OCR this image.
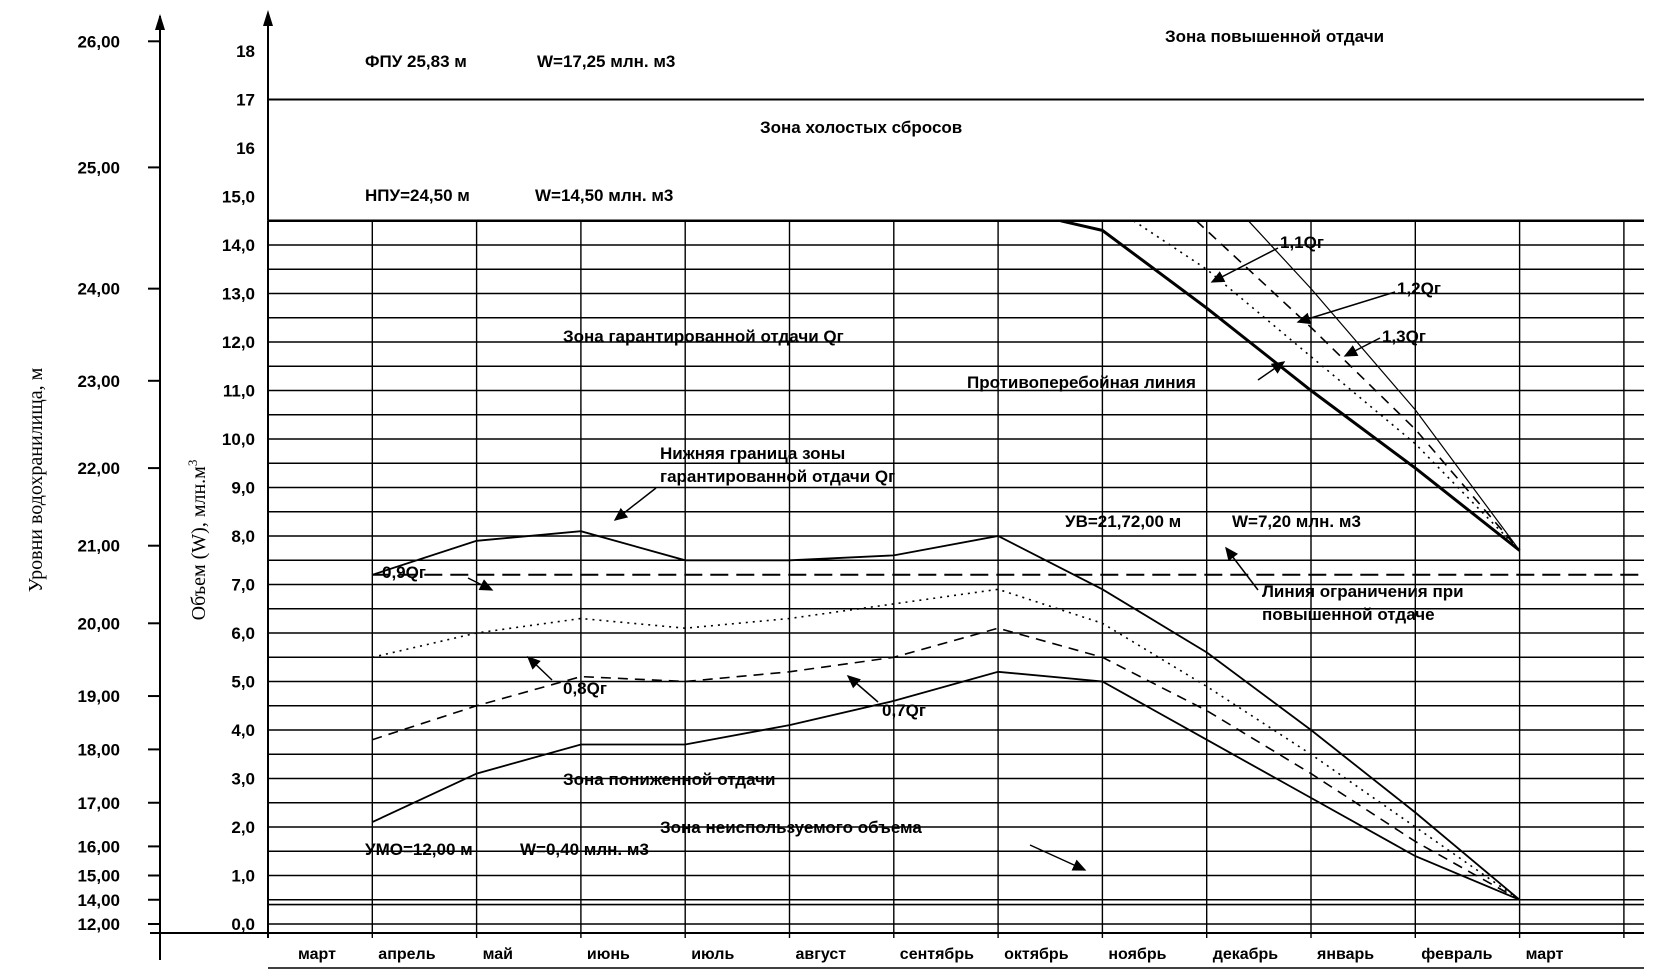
12,00
14,00
15,00
16,00
17,00
18,00
19,00
20,00
21,00
22,00
23,00
24,00
25,00
26,00
0,0
1,0
2,0
3,0
4,0
5,0
6,0
7,0
8,0
9,0
10,0
11,0
12,0
13,0
14,0
15,0
16
17
18
Уровни водохранилища, м	Объем (W), $млн.м^3$
ФПУ 25,83 м	W=17,25 млн. м3
Зона повышенной отдачи
Зона холостых сбросов
НПУ=24,50 м	W=14,50 млн. м3
Зона гарантированной отдачи Qг
Противоперебойная линия
Нижняя граница зоны
гарантированной отдачи Qг
УВ=21,72,00 м	W=7,20 млн. м3
Линия ограничения при
повышенной отдаче
Зона пониженной отдачи
Зона неиспользуемого объема
УМО=12,00 м	W=0,40 млн. м3
0,9Qг
0,8Qг
0,7Qг
1,1Qг
1,2Qг
1,3Qг
март	апрель	май	июнь	июль	август	сентябрь октябрь ноябрь	декабрь январь	февраль март
